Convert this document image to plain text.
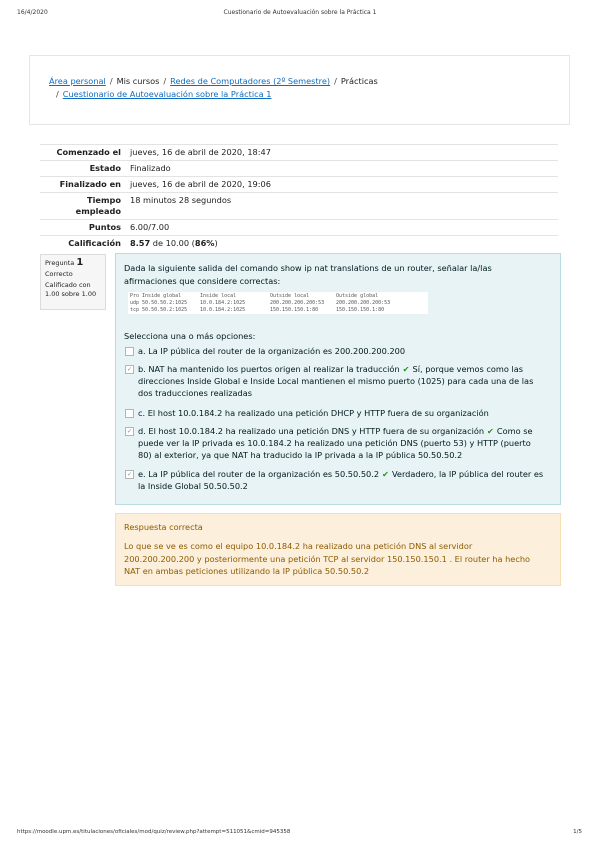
16/4/2020	Cuestionario de Autoevaluación sobre la Práctica 1
Área personal / Mis cursos / Redes de Computadores (2º Semestre) / Prácticas
/ Cuestionario de Autoevaluación sobre la Práctica 1
Comenzado el	jueves, 16 de abril de 2020, 18:47
Estado	Finalizado
Finalizado en	jueves, 16 de abril de 2020, 19:06
Tiempo empleado	18 minutos 28 segundos
Puntos	6.00/7.00
Calificación	8.57 de 10.00 (86%)
Pregunta 1
Correcto
Calificado con 1.00 sobre 1.00
Dada la siguiente salida del comando show ip nat translations de un router, señalar la/las afirmaciones que considere correctas:
Pro Inside global	Inside local	Outside local	Outside global
udp 50.50.50.2:1025	10.0.184.2:1025	200.200.200.200:53 200.200.200.200:53
tcp 50.50.50.2:1025	10.0.184.2:1025	150.150.150.1:80	150.150.150.1:80
Selecciona una o más opciones:
a. La IP pública del router de la organización es 200.200.200.200
✓ b. NAT ha mantenido los puertos origen al realizar la traducción ✔ Sí, porque vemos como las direcciones Inside Global e Inside Local mantienen el mismo puerto (1025) para cada una de las dos traducciones realizadas
c. El host 10.0.184.2 ha realizado una petición DHCP y HTTP fuera de su organización
✓ d. El host 10.0.184.2 ha realizado una petición DNS y HTTP fuera de su organización ✔ Como se puede ver la IP privada es 10.0.184.2 ha realizado una petición DNS (puerto 53) y HTTP (puerto 80) al exterior, ya que NAT ha traducido la IP privada a la IP pública 50.50.50.2
✓ e. La IP pública del router de la organización es 50.50.50.2 ✔ Verdadero, la IP pública del router es la Inside Global 50.50.50.2
Respuesta correcta
Lo que se ve es como el equipo 10.0.184.2 ha realizado una petición DNS al servidor 200.200.200.200 y posteriormente una petición TCP al servidor 150.150.150.1 . El router ha hecho NAT en ambas peticiones utilizando la IP pública 50.50.50.2
https://moodle.upm.es/titulaciones/oficiales/mod/quiz/review.php?attempt=511051&cmid=945358	1/5
